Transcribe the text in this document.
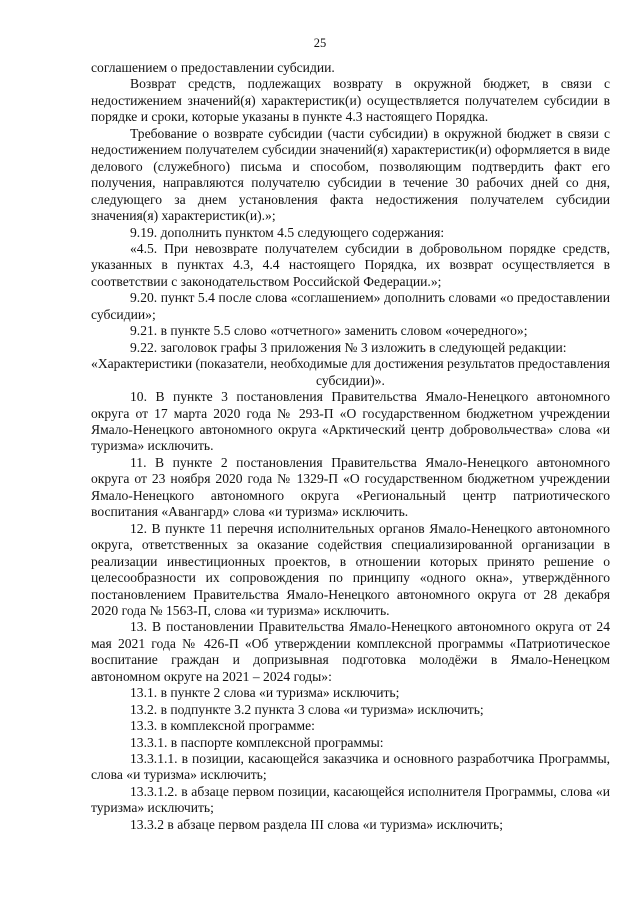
25

соглашением о предоставлении субсидии.

Возврат средств, подлежащих возврату в окружной бюджет, в связи с недостижением значений(я) характеристик(и) осуществляется получателем субсидии в порядке и сроки, которые указаны в пункте 4.3 настоящего Порядка.

Требование о возврате субсидии (части субсидии) в окружной бюджет в связи с недостижением получателем субсидии значений(я) характеристик(и) оформляется в виде делового (служебного) письма и способом, позволяющим подтвердить факт его получения, направляются получателю субсидии в течение 30 рабочих дней со дня, следующего за днем установления факта недостижения получателем субсидии значения(я) характеристик(и).»;

9.19. дополнить пунктом 4.5 следующего содержания:

«4.5. При невозврате получателем субсидии в добровольном порядке средств, указанных в пунктах 4.3, 4.4 настоящего Порядка, их возврат осуществляется в соответствии с законодательством Российской Федерации.»;

9.20. пункт 5.4 после слова «соглашением» дополнить словами «о предоставлении субсидии»;

9.21. в пункте 5.5 слово «отчетного» заменить словом «очередного»;

9.22. заголовок графы 3 приложения № 3 изложить в следующей редакции:

«Характеристики (показатели, необходимые для достижения результатов предоставления субсидии)».

10. В пункте 3 постановления Правительства Ямало-Ненецкого автономного округа от 17 марта 2020 года № 293-П «О государственном бюджетном учреждении Ямало-Ненецкого автономного округа «Арктический центр добровольчества» слова «и туризма» исключить.

11. В пункте 2 постановления Правительства Ямало-Ненецкого автономного округа от 23 ноября 2020 года № 1329-П «О государственном бюджетном учреждении Ямало-Ненецкого автономного округа «Региональный центр патриотического воспитания «Авангард» слова «и туризма» исключить.

12. В пункте 11 перечня исполнительных органов Ямало-Ненецкого автономного округа, ответственных за оказание содействия специализированной организации в реализации инвестиционных проектов, в отношении которых принято решение о целесообразности их сопровождения по принципу «одного окна», утверждённого постановлением Правительства Ямало-Ненецкого автономного округа от 28 декабря 2020 года № 1563-П, слова «и туризма» исключить.

13. В постановлении Правительства Ямало-Ненецкого автономного округа от 24 мая 2021 года № 426-П «Об утверждении комплексной программы «Патриотическое воспитание граждан и допризывная подготовка молодёжи в Ямало-Ненецком автономном округе на 2021 – 2024 годы»:

13.1. в пункте 2 слова «и туризма» исключить;

13.2. в подпункте 3.2 пункта 3 слова «и туризма» исключить;

13.3. в комплексной программе:

13.3.1. в паспорте комплексной программы:

13.3.1.1. в позиции, касающейся заказчика и основного разработчика Программы, слова «и туризма» исключить;

13.3.1.2. в абзаце первом позиции, касающейся исполнителя Программы, слова «и туризма» исключить;

13.3.2 в абзаце первом раздела III слова «и туризма» исключить;
